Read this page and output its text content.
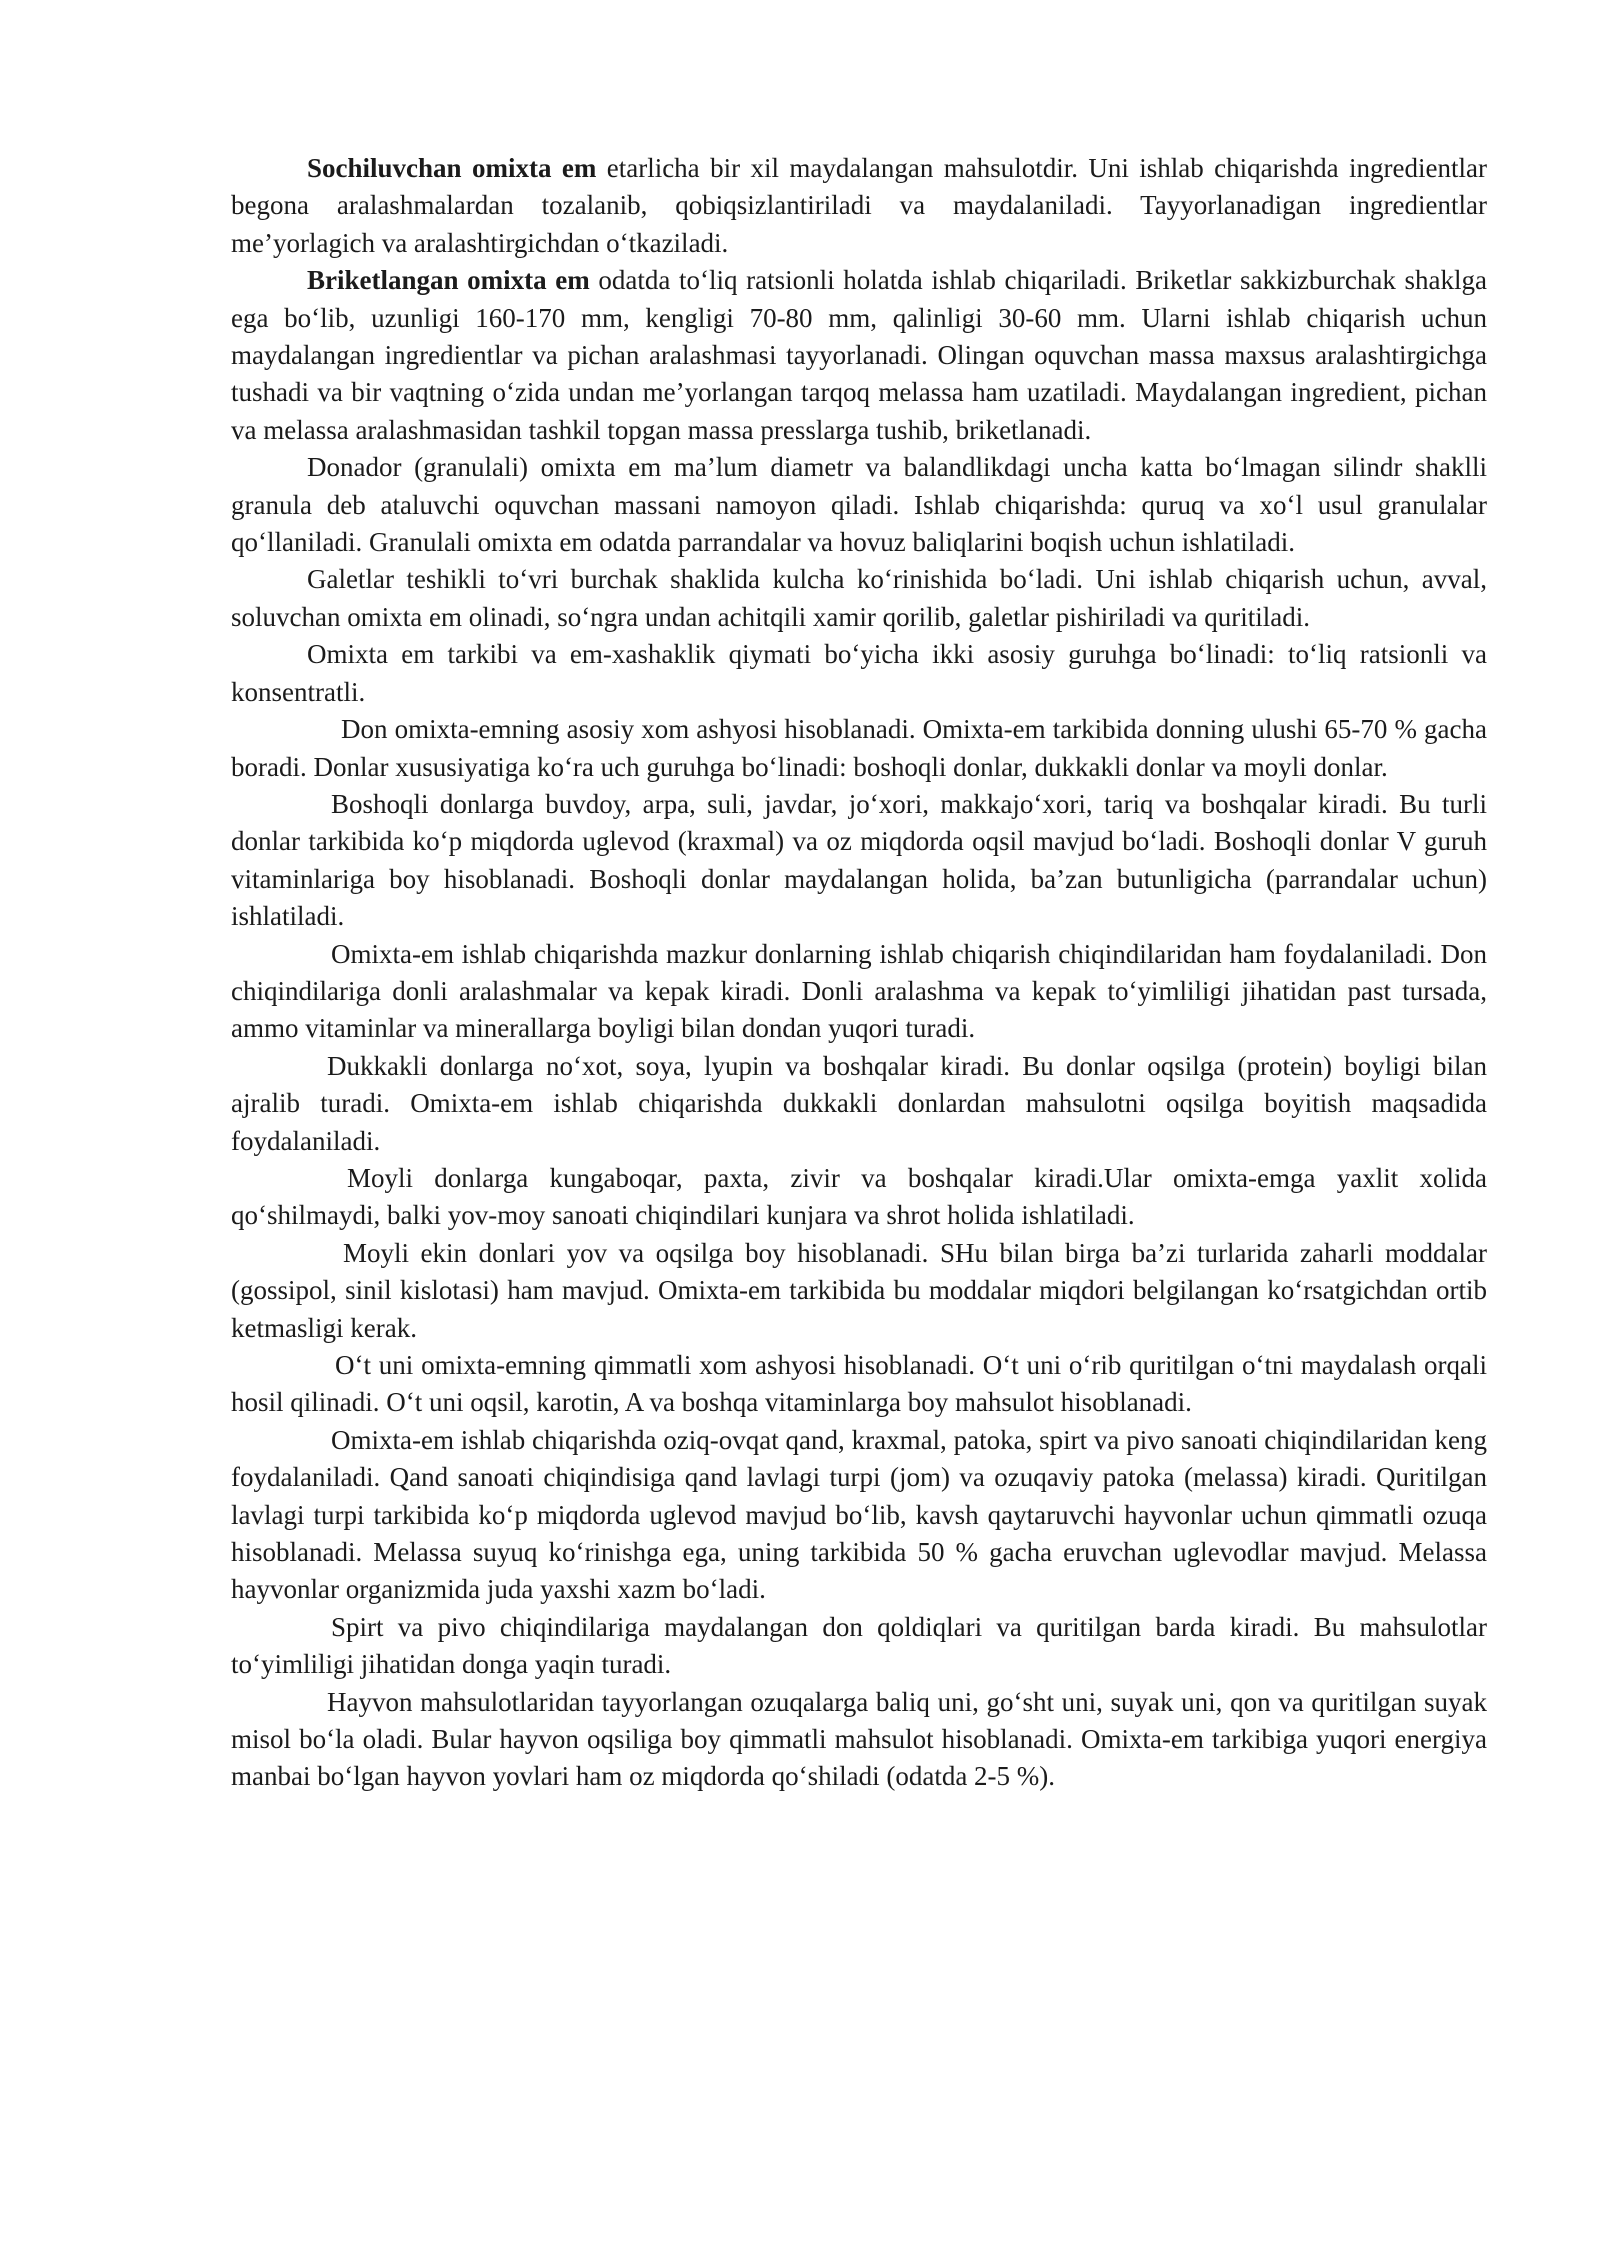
Sochiluvchan omixta em etarlicha bir xil maydalangan mahsulotdir. Uni ishlab chiqarishda ingredientlar begona aralashmalardan tozalanib, qobiqsizlantiriladi va maydalaniladi. Tayyorlanadigan ingredientlar me’yorlagich va aralashtirgichdan o‘tkaziladi.

Briketlangan omixta em odatda to‘liq ratsionli holatda ishlab chiqariladi. Briketlar sakkizburchak shaklga ega bo‘lib, uzunligi 160-170 mm, kengligi 70-80 mm, qalinligi 30-60 mm. Ularni ishlab chiqarish uchun maydalangan ingredientlar va pichan aralashmasi tayyorlanadi. Olingan oquvchan massa maxsus aralashtirgichga tushadi va bir vaqtning o‘zida undan me’yorlangan tarqoq melassa ham uzatiladi. Maydalangan ingredient, pichan va melassa aralashmasidan tashkil topgan massa presslarga tushib, briketlanadi.

Donador (granulali) omixta em ma’lum diametr va balandlikdagi uncha katta bo‘lmagan silindr shaklli granula deb ataluvchi oquvchan massani namoyon qiladi. Ishlab chiqarishda: quruq va xo‘l usul granulalar qo‘llaniladi. Granulali omixta em odatda parrandalar va hovuz baliqlarini boqish uchun ishlatiladi.

Galetlar teshikli to‘vri burchak shaklida kulcha ko‘rinishida bo‘ladi. Uni ishlab chiqarish uchun, avval, soluvchan omixta em olinadi, so‘ngra undan achitqili xamir qorilib, galetlar pishiriladi va quritiladi.

Omixta em tarkibi va em-xashaklik qiymati bo‘yicha ikki asosiy guruhga bo‘linadi: to‘liq ratsionli va konsentratli.

Don omixta-emning asosiy xom ashyosi hisoblanadi. Omixta-em tarkibida donning ulushi 65-70 % gacha boradi. Donlar xususiyatiga ko‘ra uch guruhga bo‘linadi: boshoqli donlar, dukkakli donlar va moyli donlar.

Boshoqli donlarga buvdoy, arpa, suli, javdar, jo‘xori, makkajo‘xori, tariq va boshqalar kiradi. Bu turli donlar tarkibida ko‘p miqdorda uglevod (kraxmal) va oz miqdorda oqsil mavjud bo‘ladi. Boshoqli donlar V guruh vitaminlariga boy hisoblanadi. Boshoqli donlar maydalangan holida, ba’zan butunligicha (parrandalar uchun) ishlatiladi.

Omixta-em ishlab chiqarishda mazkur donlarning ishlab chiqarish chiqindilaridan ham foydalaniladi. Don chiqindilariga donli aralashmalar va kepak kiradi. Donli aralashma va kepak to‘yimliligi jihatidan past tursada, ammo vitaminlar va minerallarga boyligi bilan dondan yuqori turadi.

Dukkakli donlarga no‘xot, soya, lyupin va boshqalar kiradi. Bu donlar oqsilga (protein) boyligi bilan ajralib turadi. Omixta-em ishlab chiqarishda dukkakli donlardan mahsulotni oqsilga boyitish maqsadida foydalaniladi.

Moyli donlarga kungaboqar, paxta, zivir va boshqalar kiradi.Ular omixta-emga yaxlit xolida qo‘shilmaydi, balki yov-moy sanoati chiqindilari kunjara va shrot holida ishlatiladi.

Moyli ekin donlari yov va oqsilga boy hisoblanadi. SHu bilan birga ba’zi turlarida zaharli moddalar (gossipol, sinil kislotasi) ham mavjud. Omixta-em tarkibida bu moddalar miqdori belgilangan ko‘rsatgichdan ortib ketmasligi kerak.

O‘t uni omixta-emning qimmatli xom ashyosi hisoblanadi. O‘t uni o‘rib quritilgan o‘tni maydalash orqali hosil qilinadi. O‘t uni oqsil, karotin, A va boshqa vitaminlarga boy mahsulot hisoblanadi.

Omixta-em ishlab chiqarishda oziq-ovqat qand, kraxmal, patoka, spirt va pivo sanoati chiqindilaridan keng foydalaniladi. Qand sanoati chiqindisiga qand lavlagi turpi (jom) va ozuqaviy patoka (melassa) kiradi. Quritilgan lavlagi turpi tarkibida ko‘p miqdorda uglevod mavjud bo‘lib, kavsh qaytaruvchi hayvonlar uchun qimmatli ozuqa hisoblanadi. Melassa suyuq ko‘rinishga ega, uning tarkibida 50 % gacha eruvchan uglevodlar mavjud. Melassa hayvonlar organizmida juda yaxshi xazm bo‘ladi.

Spirt va pivo chiqindilariga maydalangan don qoldiqlari va quritilgan barda kiradi. Bu mahsulotlar to‘yimliligi jihatidan donga yaqin turadi.

Hayvon mahsulotlaridan tayyorlangan ozuqalarga baliq uni, go‘sht uni, suyak uni, qon va quritilgan suyak misol bo‘la oladi. Bular hayvon oqsiliga boy qimmatli mahsulot hisoblanadi. Omixta-em tarkibiga yuqori energiya manbai bo‘lgan hayvon yovlari ham oz miqdorda qo‘shiladi (odatda 2-5 %).
